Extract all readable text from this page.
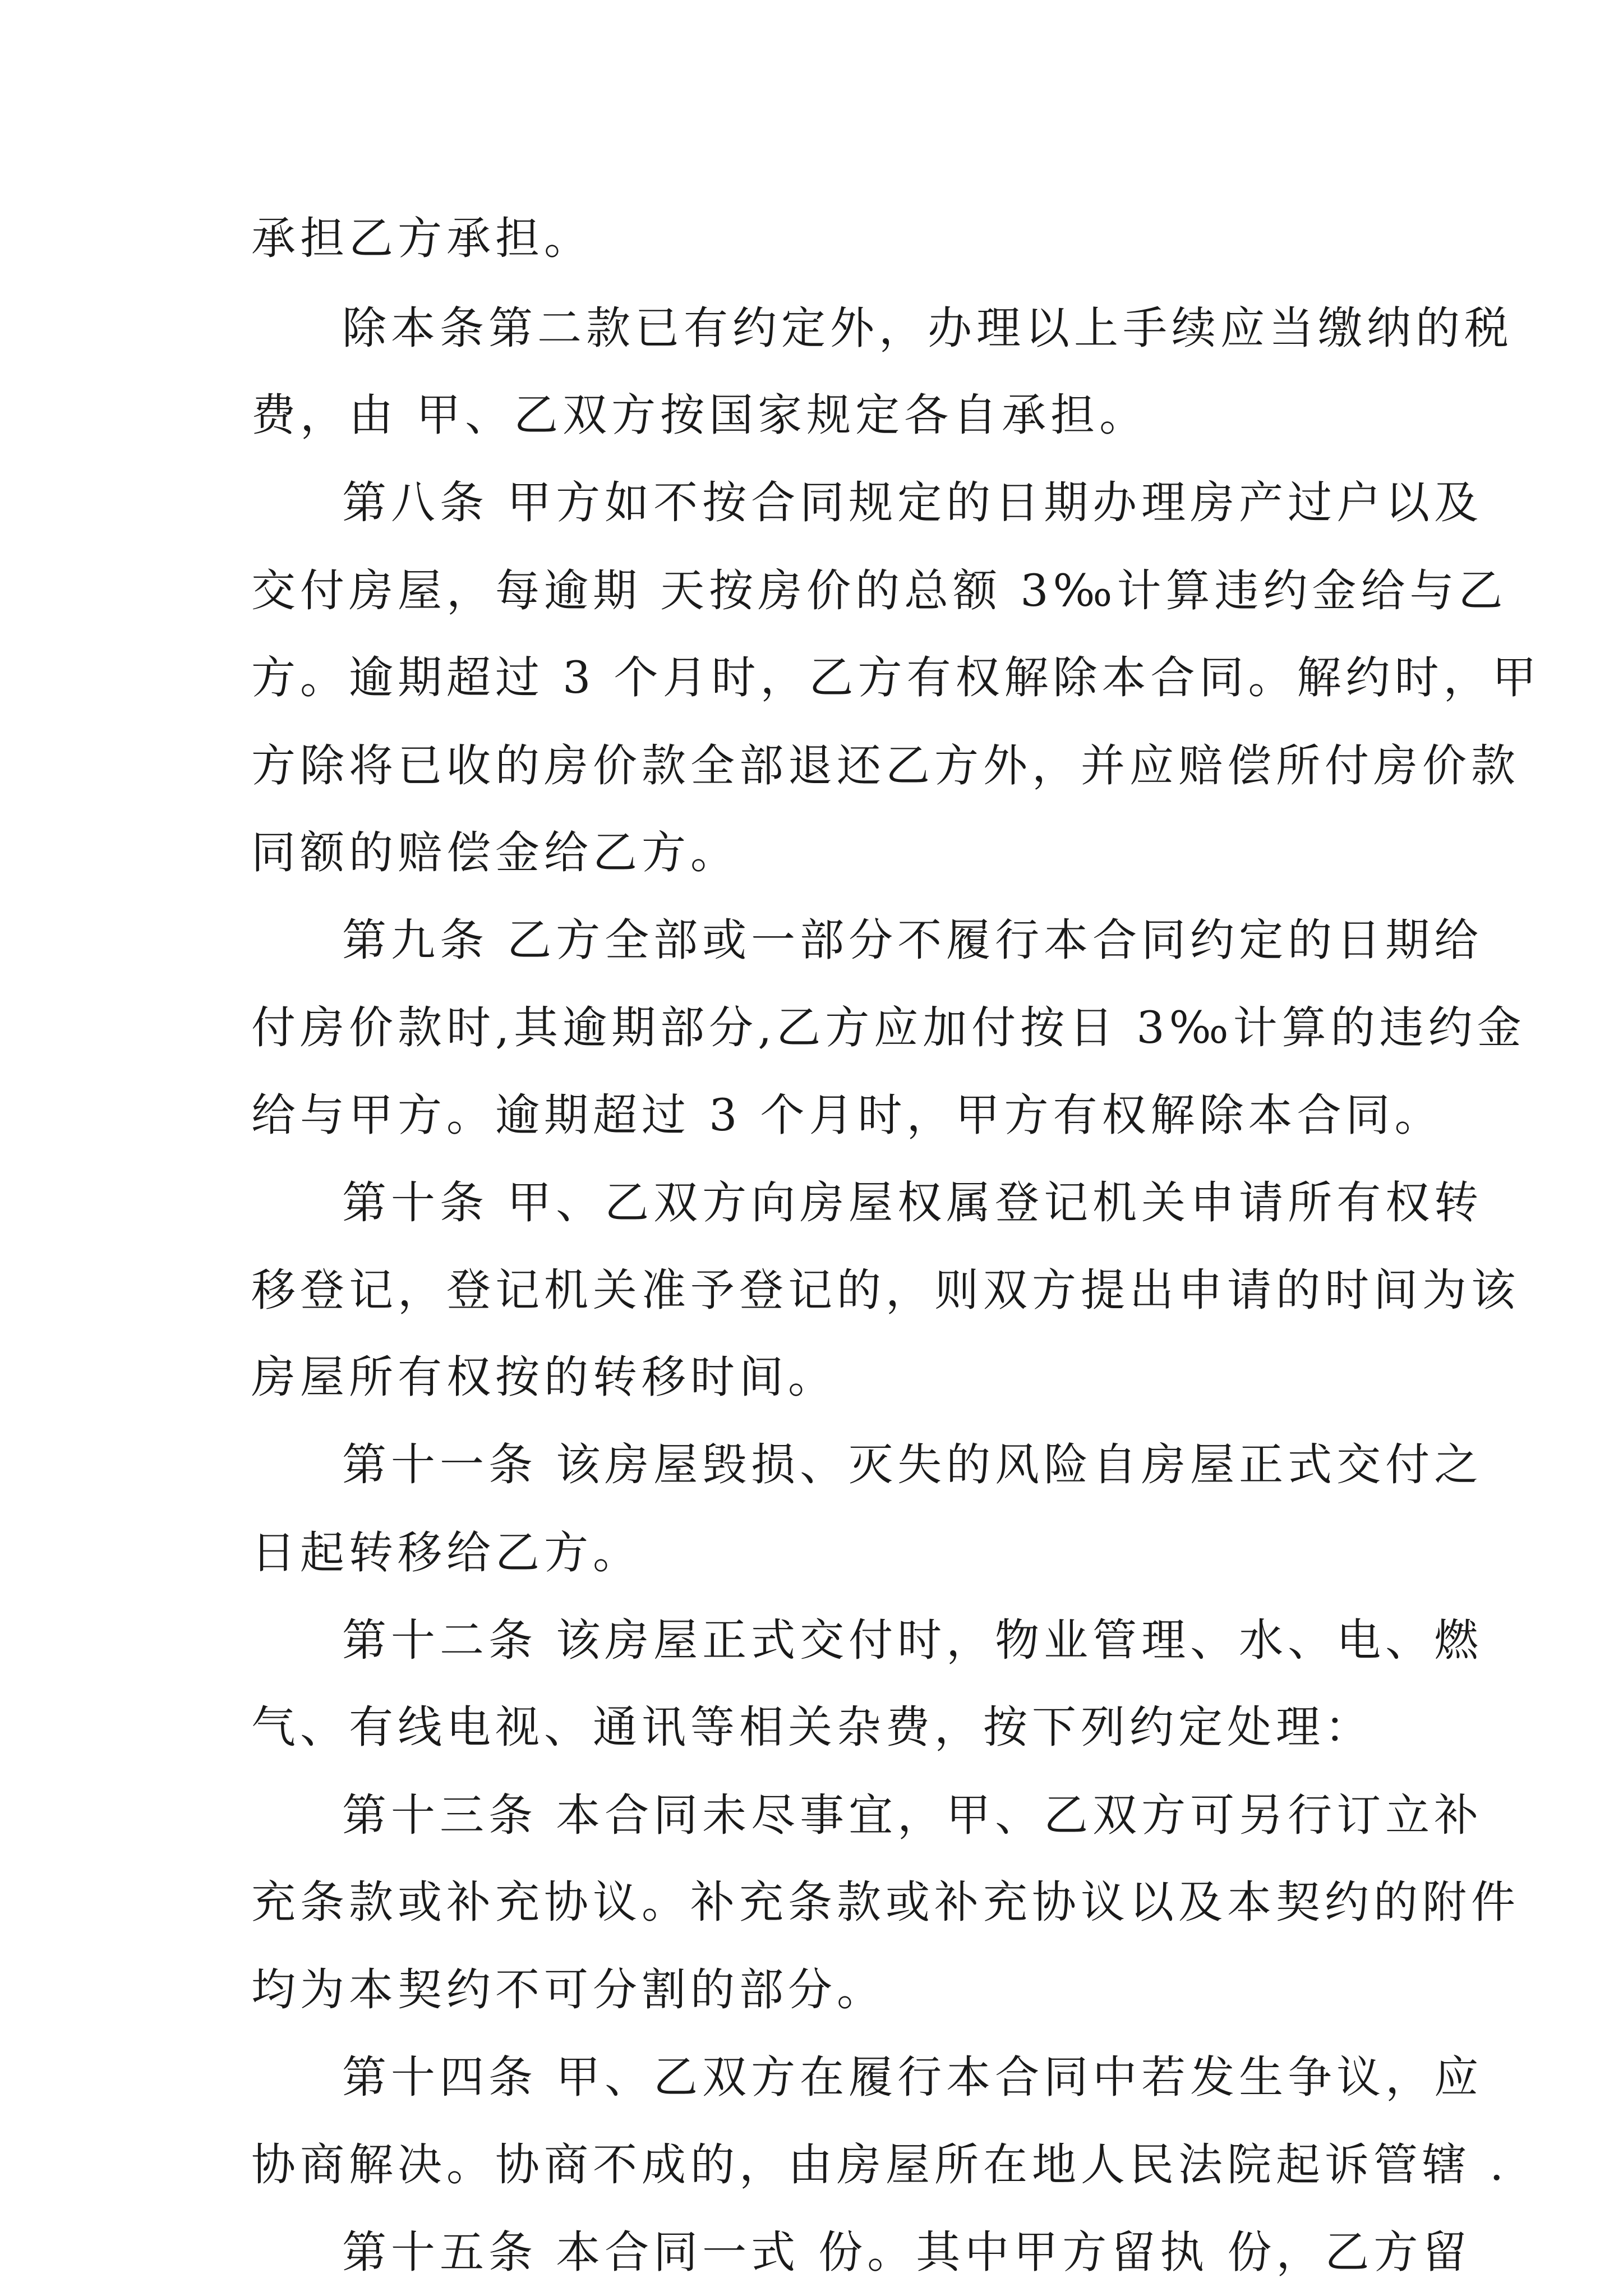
承担乙方承担。
除本条第二款已有约定外，办理以上手续应当缴纳的税
费，由 甲、乙双方按国家规定各自承担。
第八条 甲方如不按合同规定的日期办理房产过户以及
交付房屋，每逾期 天按房价的总额 3‰计算违约金给与乙
方。逾期超过 3 个月时，乙方有权解除本合同。解约时，甲
方除将已收的房价款全部退还乙方外，并应赔偿所付房价款
同额的赔偿金给乙方。
第九条 乙方全部或一部分不履行本合同约定的日期给
付房价款时,其逾期部分,乙方应加付按日 3‰计算的违约金
给与甲方。逾期超过 3 个月时，甲方有权解除本合同。
第十条 甲、乙双方向房屋权属登记机关申请所有权转
移登记，登记机关准予登记的，则双方提出申请的时间为该
房屋所有权按的转移时间。
第十一条 该房屋毁损、灭失的风险自房屋正式交付之
日起转移给乙方。
第十二条 该房屋正式交付时，物业管理、水、电、燃
气、有线电视、通讯等相关杂费，按下列约定处理：
第十三条 本合同未尽事宜，甲、乙双方可另行订立补
充条款或补充协议。补充条款或补充协议以及本契约的附件
均为本契约不可分割的部分。
第十四条 甲、乙双方在履行本合同中若发生争议，应
协商解决。协商不成的，由房屋所在地人民法院起诉管辖 .
第十五条 本合同一式 份。其中甲方留执 份，乙方留
